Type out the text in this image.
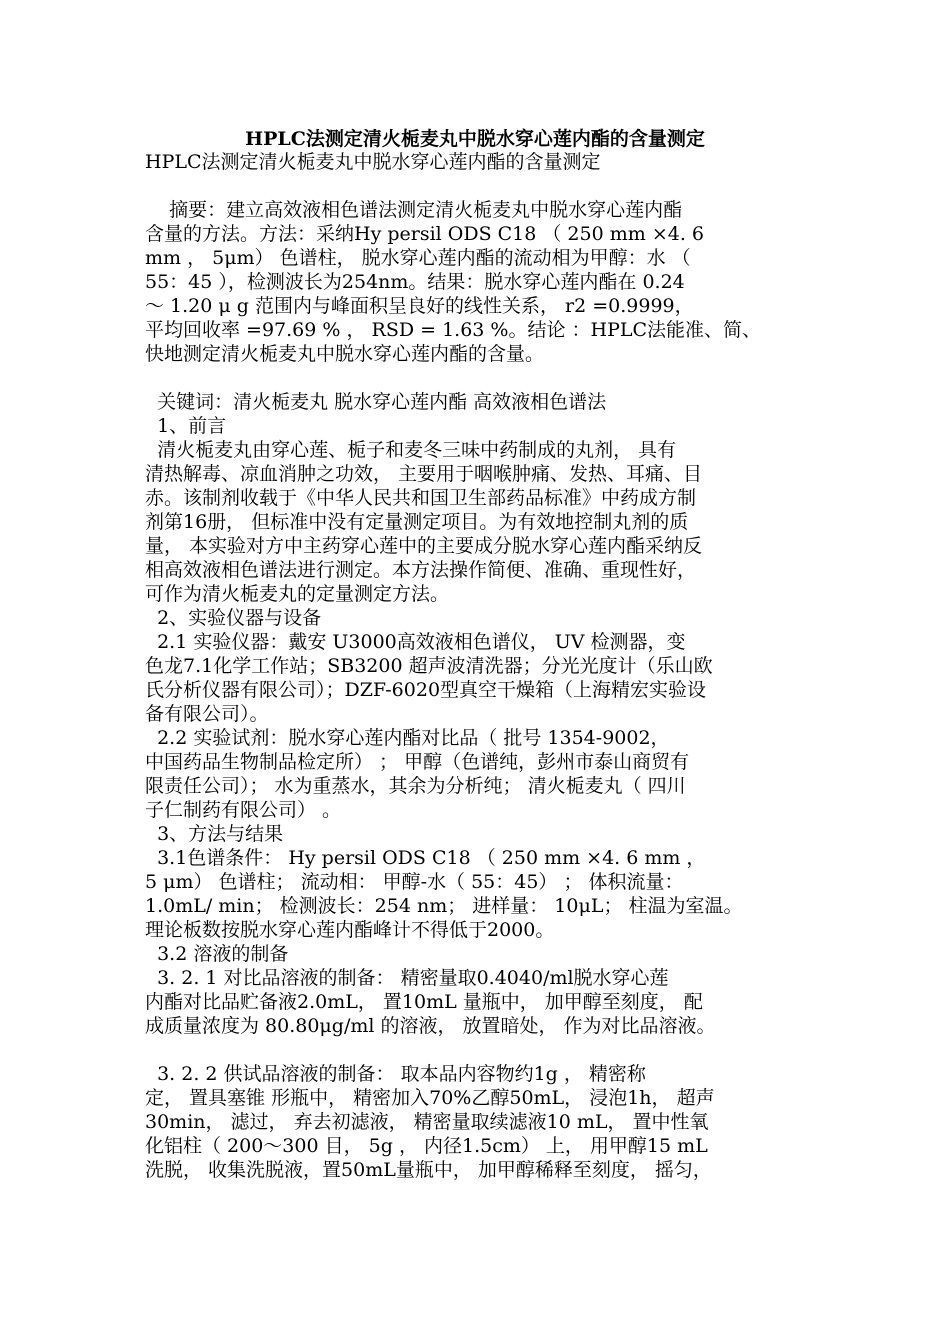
HPLC法测定清火栀麦丸中脱水穿心莲内酯的含量测定
HPLC法测定清火栀麦丸中脱水穿心莲内酯的含量测定
摘要：建立高效液相色谱法测定清火栀麦丸中脱水穿心莲内酯
含量的方法。方法：采纳Hy persil ODS C18 （ 250 mm ×4. 6
mm ， 5μm） 色谱柱， 脱水穿心莲内酯的流动相为甲醇：水 （
55：45 ），检测波长为254nm。结果：脱水穿心莲内酯在 0.24
～ 1.20 μ g 范围内与峰面积呈良好的线性关系， r2 =0.9999，
平均回收率 =97.69 % ， RSD = 1.63 %。结论 ：HPLC法能准、简、
快地测定清火栀麦丸中脱水穿心莲内酯的含量。
关键词：清火栀麦丸 脱水穿心莲内酯 高效液相色谱法
1、前言
清火栀麦丸由穿心莲、栀子和麦冬三味中药制成的丸剂， 具有
清热解毒、凉血消肿之功效， 主要用于咽喉肿痛、发热、耳痛、目
赤。该制剂收载于《中华人民共和国卫生部药品标准》中药成方制
剂第16册， 但标准中没有定量测定项目。为有效地控制丸剂的质
量， 本实验对方中主药穿心莲中的主要成分脱水穿心莲内酯采纳反
相高效液相色谱法进行测定。本方法操作简便、准确、重现性好，
可作为清火栀麦丸的定量测定方法。
2、实验仪器与设备
2.1 实验仪器：戴安 U3000高效液相色谱仪， UV 检测器，变
色龙7.1化学工作站；SB3200 超声波清洗器；分光光度计（乐山欧
氏分析仪器有限公司）；DZF-6020型真空干燥箱（上海精宏实验设
备有限公司）。
2.2 实验试剂：脱水穿心莲内酯对比品（ 批号 1354-9002，
中国药品生物制品检定所） ； 甲醇（色谱纯，彭州市泰山商贸有
限责任公司）； 水为重蒸水，其余为分析纯； 清火栀麦丸（ 四川
子仁制药有限公司） 。
3、方法与结果
3.1色谱条件： Hy persil ODS C18 （ 250 mm ×4. 6 mm ，
5 μm） 色谱柱； 流动相： 甲醇-水（ 55：45） ； 体积流量：
1.0mL/ min； 检测波长：254 nm； 进样量： 10μL； 柱温为室温。
理论板数按脱水穿心莲内酯峰计不得低于2000。
3.2 溶液的制备
3. 2. 1 对比品溶液的制备： 精密量取0.4040/ml脱水穿心莲
内酯对比品贮备液2.0mL， 置10mL 量瓶中， 加甲醇至刻度， 配
成质量浓度为 80.80μg/ml 的溶液， 放置暗处， 作为对比品溶液。
3. 2. 2 供试品溶液的制备： 取本品内容物约1g ， 精密称
定， 置具塞锥 形瓶中， 精密加入70%乙醇50mL， 浸泡1h， 超声
30min， 滤过， 弃去初滤液， 精密量取续滤液10 mL， 置中性氧
化铝柱（ 200～300 目， 5g ， 内径1.5cm） 上， 用甲醇15 mL
洗脱， 收集洗脱液，置50mL量瓶中， 加甲醇稀释至刻度， 摇匀，
